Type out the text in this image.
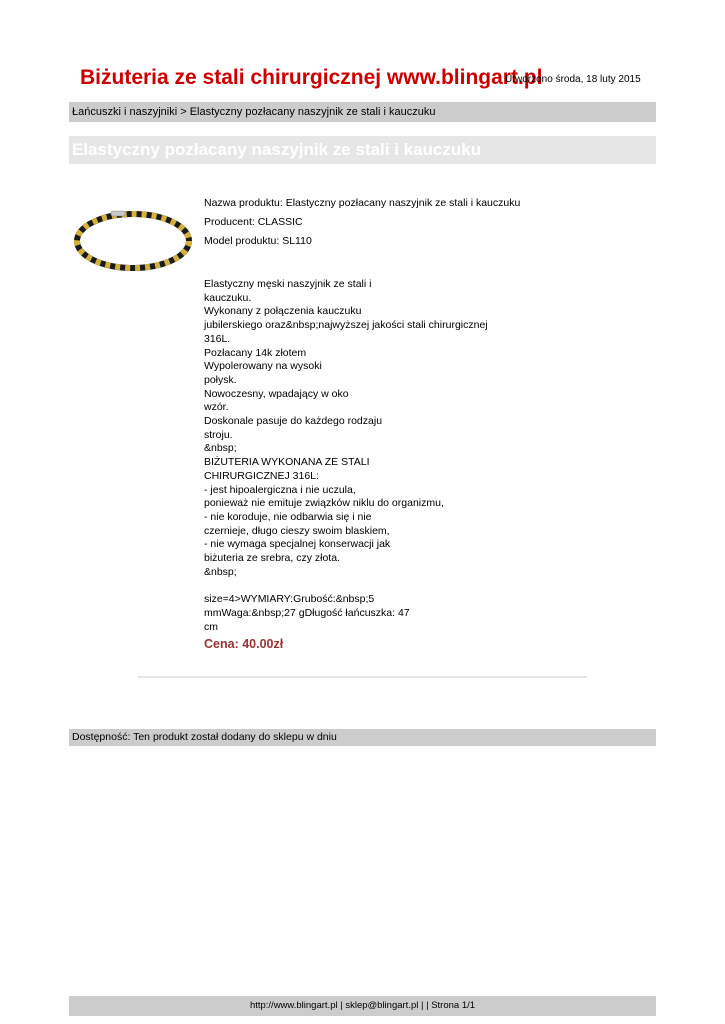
Biżuteria ze stali chirurgicznej www.blingart.pl
Utworzono środa, 18 luty 2015
Łańcuszki i naszyjniki > Elastyczny pozłacany naszyjnik ze stali i kauczuku
Elastyczny pozłacany naszyjnik ze stali i kauczuku
Nazwa produktu: Elastyczny pozłacany naszyjnik ze stali i kauczuku
Producent: CLASSIC
Model produktu: SL110
Elastyczny męski naszyjnik ze stali i
kauczuku.
Wykonany z połączenia kauczuku
jubilerskiego oraz&nbsp;najwyższej jakości stali chirurgicznej
316L.
Pozłacany 14k złotem
Wypolerowany na wysoki
połysk.
Nowoczesny, wpadający w oko
wzór.
Doskonale pasuje do każdego rodzaju
stroju.
&nbsp;
BIŻUTERIA WYKONANA ZE STALI
CHIRURGICZNEJ 316L:
- jest hipoalergiczna i nie uczula,
ponieważ nie emituje związków niklu do organizmu,
- nie koroduje, nie odbarwia się i nie
czernieje, długo cieszy swoim blaskiem,
- nie wymaga specjalnej konserwacji jak
biżuteria ze srebra, czy złota.
&nbsp;
size=4>WYMIARY:Grubość:&nbsp;5
mmWaga:&nbsp;27 gDługość łańcuszka: 47
cm
Cena: 40.00zł
Dostępność: Ten produkt został dodany do sklepu w dniu
http://www.blingart.pl | sklep@blingart.pl | | Strona 1/1
